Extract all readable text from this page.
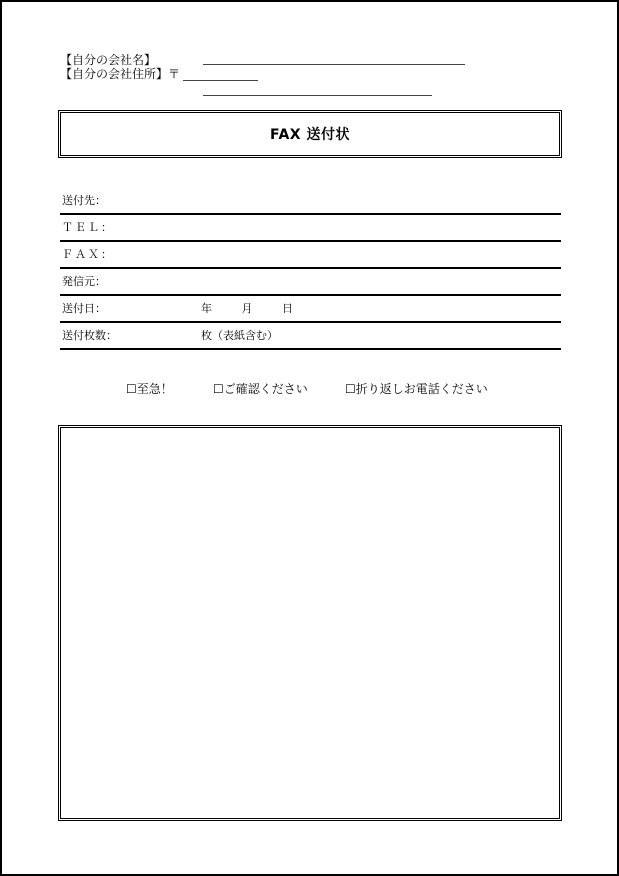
【自分の会社名】
【自分の会社住所】〒
FAX 送付状
送付先：
ＴＥＬ：
ＦＡＸ：
発信元：
送付日：	年	月	日
送付枚数：	枚（表紙含む）
☐至急！	☐ご確認ください	☐折り返しお電話ください
